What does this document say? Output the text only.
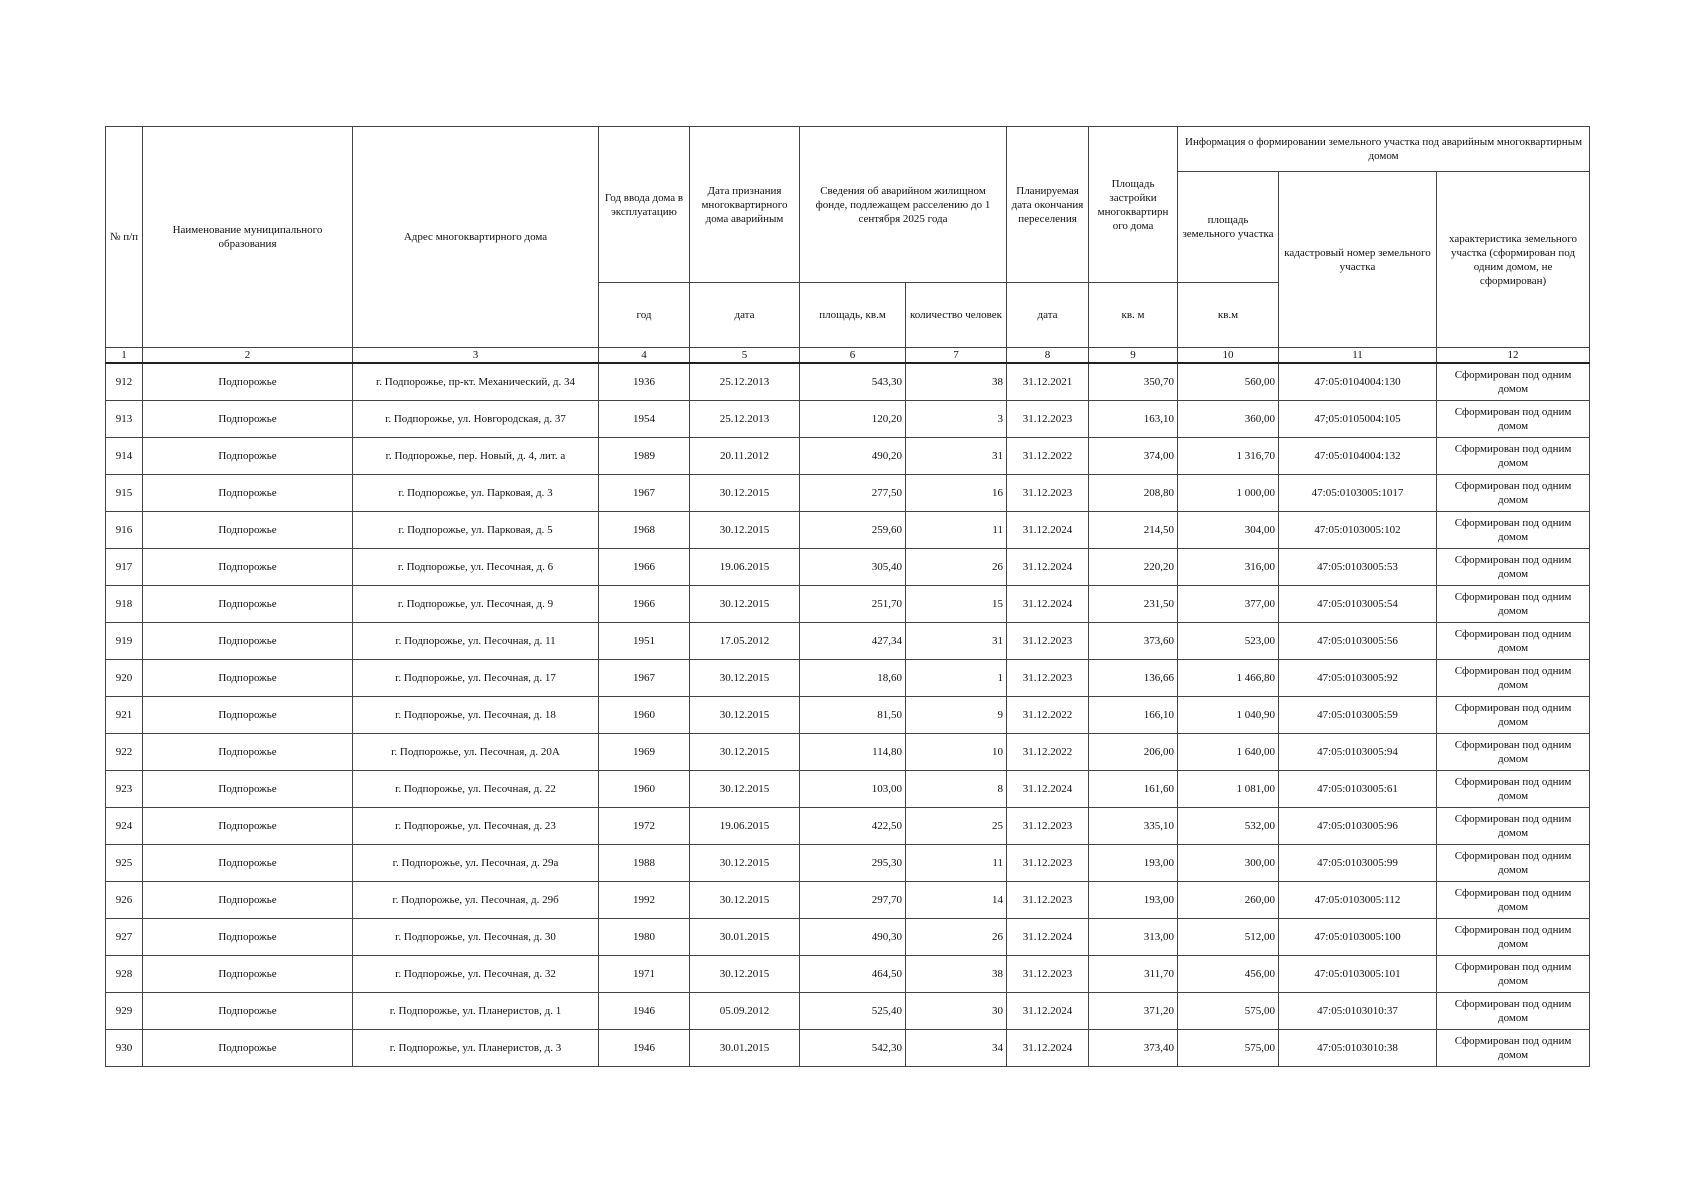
№ п/п	Наименование муниципального образования	Адрес многоквартирного дома	Год ввода дома в эксплуатацию	Дата признания многоквартирного дома аварийным	Сведения об аварийном жилищном фонде, подлежащем расселению до 1 сентября 2025 года		Планируемая дата окончания переселения	Площадь застройки многоквартирн ого дома	Информация о формировании земельного участка под аварийным многоквартирным домом		
									площадь земельного участка	кадастровый номер земельного участка	характеристика земельного участка (сформирован под одним домом, не сформирован)
			год	дата	площадь, кв.м	количество человек	дата	кв. м	кв.м		
1	2	3	4	5	6	7	8	9	10	11	12
912	Подпорожье	г. Подпорожье, пр-кт. Механический, д. 34	1936	25.12.2013	543,30	38	31.12.2021	350,70	560,00	47:05:0104004:130	Сформирован под одним домом
913	Подпорожье	г. Подпорожье, ул. Новгородская, д. 37	1954	25.12.2013	120,20	3	31.12.2023	163,10	360,00	47;05:0105004:105	Сформирован под одним домом
914	Подпорожье	г. Подпорожье, пер. Новый, д. 4, лит. а	1989	20.11.2012	490,20	31	31.12.2022	374,00	1 316,70	47:05:0104004:132	Сформирован под одним домом
915	Подпорожье	г. Подпорожье, ул. Парковая, д. 3	1967	30.12.2015	277,50	16	31.12.2023	208,80	1 000,00	47:05:0103005:1017	Сформирован под одним домом
916	Подпорожье	г. Подпорожье, ул. Парковая, д. 5	1968	30.12.2015	259,60	11	31.12.2024	214,50	304,00	47:05:0103005:102	Сформирован под одним домом
917	Подпорожье	г. Подпорожье, ул. Песочная, д. 6	1966	19.06.2015	305,40	26	31.12.2024	220,20	316,00	47:05:0103005:53	Сформирован под одним домом
918	Подпорожье	г. Подпорожье, ул. Песочная, д. 9	1966	30.12.2015	251,70	15	31.12.2024	231,50	377,00	47:05:0103005:54	Сформирован под одним домом
919	Подпорожье	г. Подпорожье, ул. Песочная, д. 11	1951	17.05.2012	427,34	31	31.12.2023	373,60	523,00	47:05:0103005:56	Сформирован под одним домом
920	Подпорожье	г. Подпорожье, ул. Песочная, д. 17	1967	30.12.2015	18,60	1	31.12.2023	136,66	1 466,80	47:05:0103005:92	Сформирован под одним домом
921	Подпорожье	г. Подпорожье, ул. Песочная, д. 18	1960	30.12.2015	81,50	9	31.12.2022	166,10	1 040,90	47:05:0103005:59	Сформирован под одним домом
922	Подпорожье	г. Подпорожье, ул. Песочная, д. 20А	1969	30.12.2015	114,80	10	31.12.2022	206,00	1 640,00	47:05:0103005:94	Сформирован под одним домом
923	Подпорожье	г. Подпорожье, ул. Песочная, д. 22	1960	30.12.2015	103,00	8	31.12.2024	161,60	1 081,00	47:05:0103005:61	Сформирован под одним домом
924	Подпорожье	г. Подпорожье, ул. Песочная, д. 23	1972	19.06.2015	422,50	25	31.12.2023	335,10	532,00	47:05:0103005:96	Сформирован под одним домом
925	Подпорожье	г. Подпорожье, ул. Песочная, д. 29а	1988	30.12.2015	295,30	11	31.12.2023	193,00	300,00	47:05:0103005:99	Сформирован под одним домом
926	Подпорожье	г. Подпорожье, ул. Песочная, д. 29б	1992	30.12.2015	297,70	14	31.12.2023	193,00	260,00	47:05:0103005:112	Сформирован под одним домом
927	Подпорожье	г. Подпорожье, ул. Песочная, д. 30	1980	30.01.2015	490,30	26	31.12.2024	313,00	512,00	47:05:0103005:100	Сформирован под одним домом
928	Подпорожье	г. Подпорожье, ул. Песочная, д. 32	1971	30.12.2015	464,50	38	31.12.2023	311,70	456,00	47:05:0103005:101	Сформирован под одним домом
929	Подпорожье	г. Подпорожье, ул. Планеристов, д. 1	1946	05.09.2012	525,40	30	31.12.2024	371,20	575,00	47:05:0103010:37	Сформирован под одним домом
930	Подпорожье	г. Подпорожье, ул. Планеристов, д. 3	1946	30.01.2015	542,30	34	31.12.2024	373,40	575,00	47:05:0103010:38	Сформирован под одним домом
